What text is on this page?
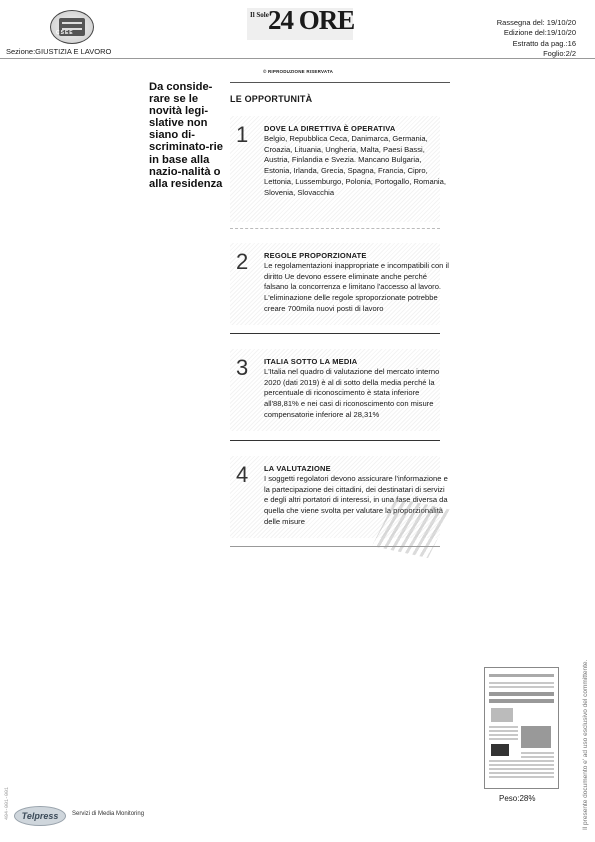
CSEE
Il Sole 24 ORE
Sezione:GIUSTIZIA E LAVORO
Rassegna del: 19/10/20
Edizione del:19/10/20
Estratto da pag.:16
Foglio:2/2
© RIPRODUZIONE RISERVATA
Da conside-rare se le novità legi-slative non siano di-scriminato-rie in base alla nazio-nalità o alla residenza
LE OPPORTUNITÀ
1 DOVE LA DIRETTIVA È OPERATIVA
Belgio, Repubblica Ceca, Danimarca, Germania, Croazia, Lituania, Ungheria, Malta, Paesi Bassi, Austria, Finlandia e Svezia. Mancano Bulgaria, Estonia, Irlanda, Grecia, Spagna, Francia, Cipro, Lettonia, Lussemburgo, Polonia, Portogallo, Romania, Slovenia, Slovacchia
2 REGOLE PROPORZIONATE
Le regolamentazioni inappropriate e incompatibili con il diritto Ue devono essere eliminate anche perché falsano la concorrenza e limitano l'accesso al lavoro. L'eliminazione delle regole sproporzionate potrebbe creare 700mila nuovi posti di lavoro
3 ITALIA SOTTO LA MEDIA
L'Italia nel quadro di valutazione del mercato interno 2020 (dati 2019) è al di sotto della media perché la percentuale di riconoscimento è stata inferiore all'88,81% e nei casi di riconoscimento con misure compensatorie inferiore al 28,31%
4 LA VALUTAZIONE
I soggetti regolatori devono assicurare l'informazione e la partecipazione dei cittadini, dei destinatari di servizi e degli altri portatori di interessi, in una fase diversa da quella che viene svolta per valutare la proporzionalità delle misure
Peso:28%	Il presente documento e' ad uso esclusivo del committente.
494-001-001	Telpress	Servizi di Media Monitoring
